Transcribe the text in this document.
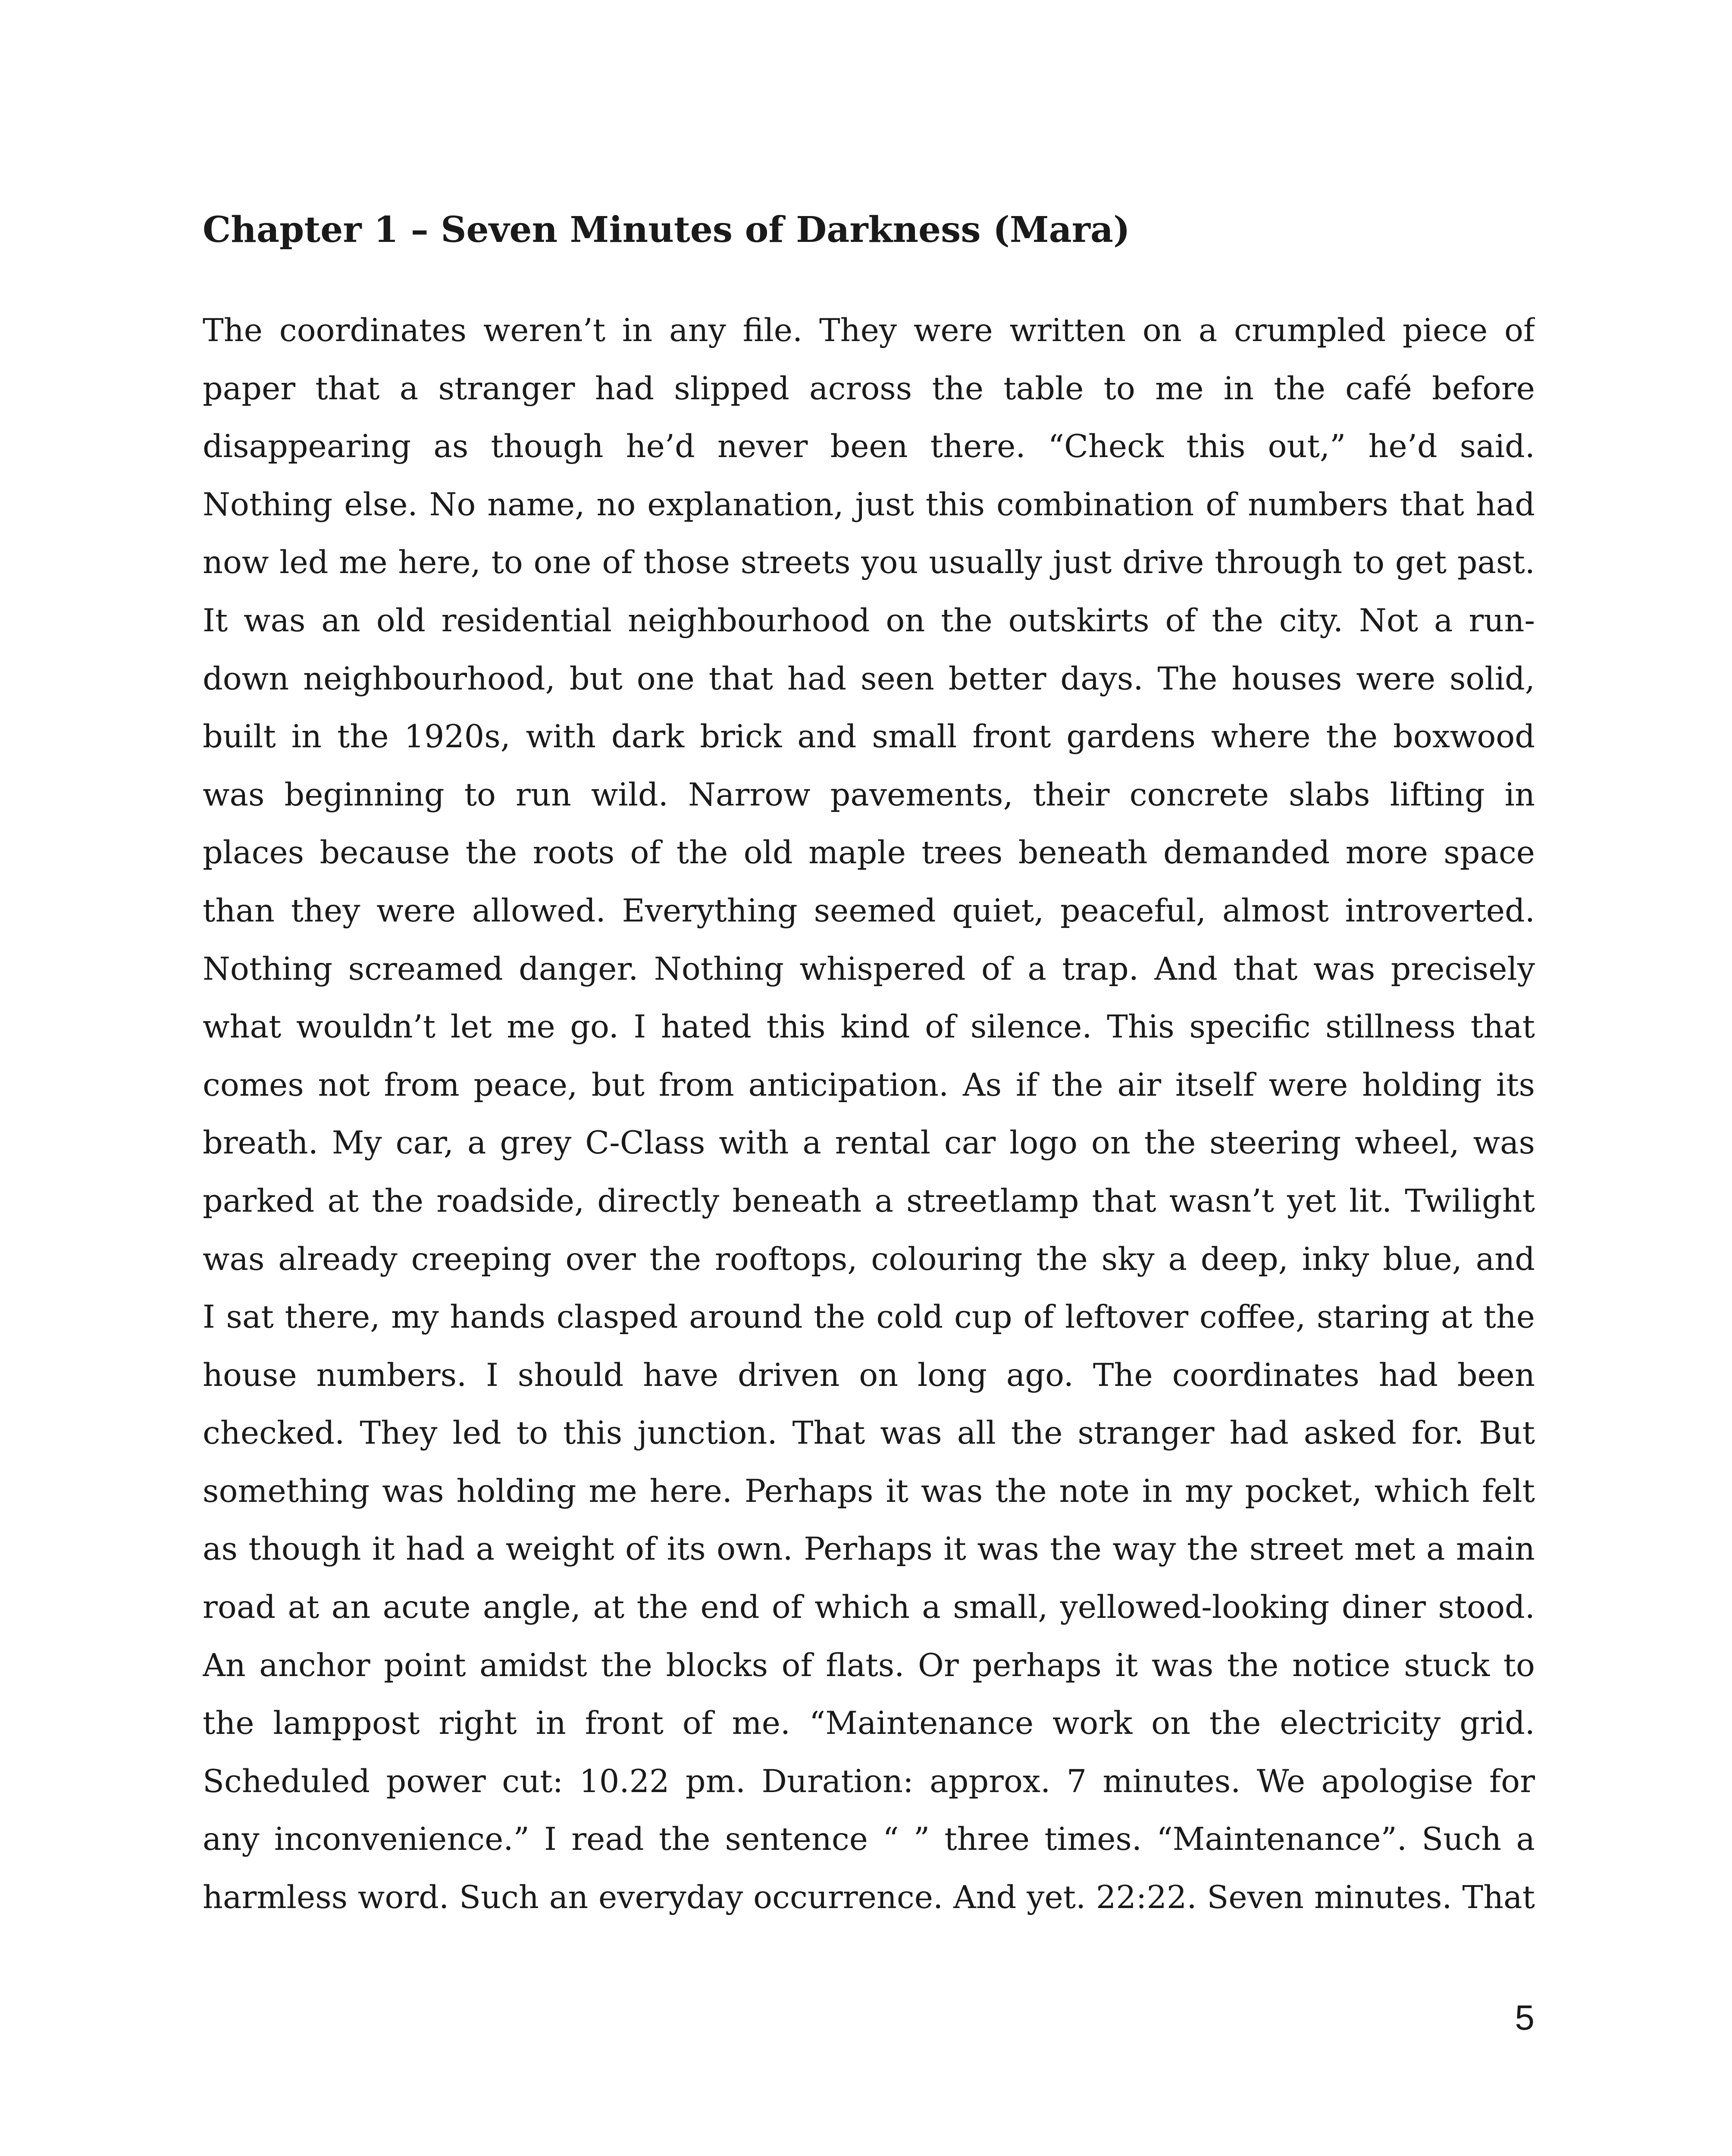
Chapter 1 – Seven Minutes of Darkness (Mara)
The coordinates weren’t in any file. They were written on a crumpled piece of
paper that a stranger had slipped across the table to me in the café before
disappearing as though he’d never been there. “Check this out,” he’d said.
Nothing else. No name, no explanation, just this combination of numbers that had
now led me here, to one of those streets you usually just drive through to get past.
It was an old residential neighbourhood on the outskirts of the city. Not a run-
down neighbourhood, but one that had seen better days. The houses were solid,
built in the 1920s, with dark brick and small front gardens where the boxwood
was beginning to run wild. Narrow pavements, their concrete slabs lifting in
places because the roots of the old maple trees beneath demanded more space
than they were allowed. Everything seemed quiet, peaceful, almost introverted.
Nothing screamed danger. Nothing whispered of a trap. And that was precisely
what wouldn’t let me go. I hated this kind of silence. This specific stillness that
comes not from peace, but from anticipation. As if the air itself were holding its
breath. My car, a grey C-Class with a rental car logo on the steering wheel, was
parked at the roadside, directly beneath a streetlamp that wasn’t yet lit. Twilight
was already creeping over the rooftops, colouring the sky a deep, inky blue, and
I sat there, my hands clasped around the cold cup of leftover coffee, staring at the
house numbers. I should have driven on long ago. The coordinates had been
checked. They led to this junction. That was all the stranger had asked for. But
something was holding me here. Perhaps it was the note in my pocket, which felt
as though it had a weight of its own. Perhaps it was the way the street met a main
road at an acute angle, at the end of which a small, yellowed-looking diner stood.
An anchor point amidst the blocks of flats. Or perhaps it was the notice stuck to
the lamppost right in front of me. “Maintenance work on the electricity grid.
Scheduled power cut: 10.22 pm. Duration: approx. 7 minutes. We apologise for
any inconvenience.” I read the sentence “ ” three times. “Maintenance”. Such a
harmless word. Such an everyday occurrence. And yet. 22:22. Seven minutes. That
5
